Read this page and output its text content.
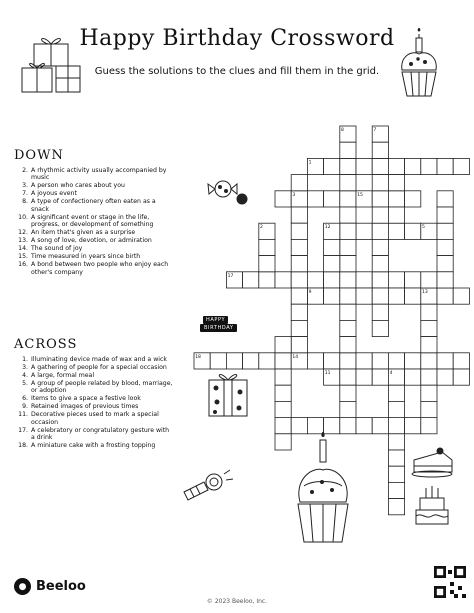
Happy Birthday Crossword
Guess the solutions to the clues and fill them in the grid.
DOWN
2. A rhythmic activity usually accompanied by music
3. A person who cares about you
7. A joyous event
8. A type of confectionery often eaten as a snack
10. A significant event or stage in the life, progress, or development of something
12. An item that's given as a surprise
13. A song of love, devotion, or admiration
14. The sound of joy
15. Time measured in years since birth
16. A bond between two people who enjoy each other's company
ACROSS
1. Illuminating device made of wax and a wick
3. A gathering of people for a special occasion
4. A large, formal meal
5. A group of people related by blood, marriage, or adoption
6. Items to give a space a festive look
9. Retained images of previous times
11. Decorative pieces used to mark a special occasion
17. A celebratory or congratulatory gesture with a drink
18. A miniature cake with a frosting topping
1
3	15
5
17
9	13
18	14
11	4
8	7
12
2
HAPPY
BIRTHDAY
● Beeloo
© 2023 Beeloo, Inc.
